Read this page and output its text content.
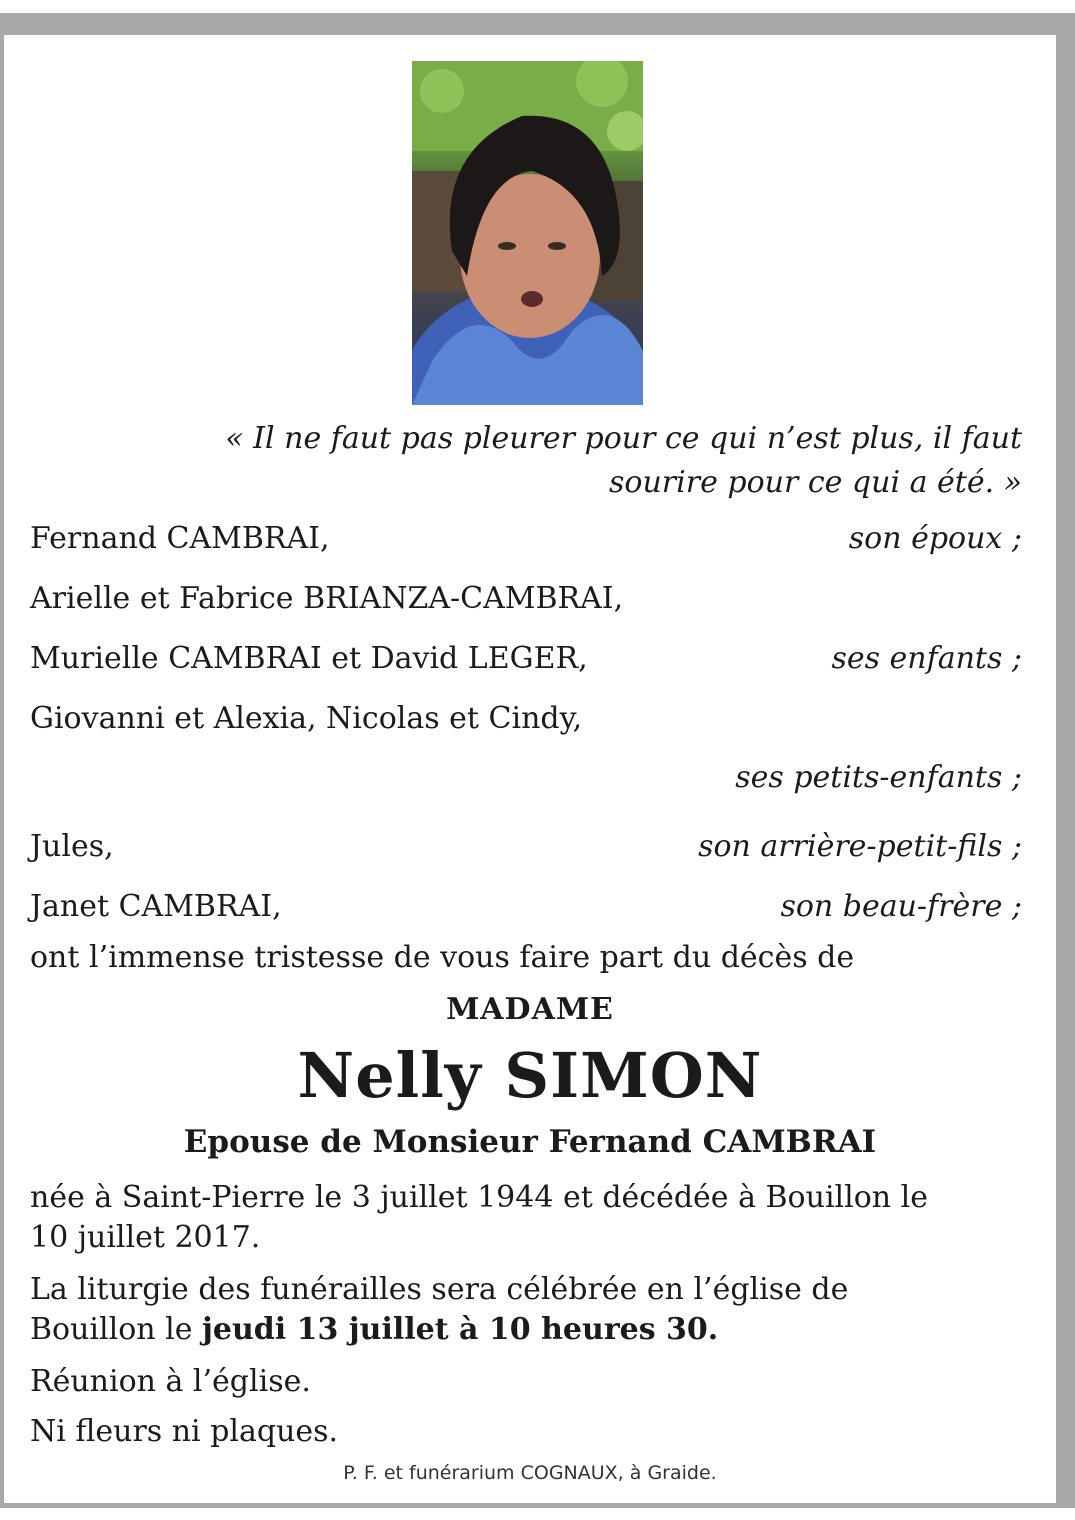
« Il ne faut pas pleurer pour ce qui n’est plus, il faut
sourire pour ce qui a été. »
Fernand CAMBRAI,	son époux ;
Arielle et Fabrice BRIANZA-CAMBRAI,
Murielle CAMBRAI et David LEGER,	ses enfants ;
Giovanni et Alexia, Nicolas et Cindy,
ses petits-enfants ;
Jules,	son arrière-petit-fils ;
Janet CAMBRAI,	son beau-frère ;
ont l’immense tristesse de vous faire part du décès de
MADAME
Nelly SIMON
Epouse de Monsieur Fernand CAMBRAI
née à Saint-Pierre le 3 juillet 1944 et décédée à Bouillon le
10 juillet 2017.
La liturgie des funérailles sera célébrée en l’église de
Bouillon le jeudi 13 juillet à 10 heures 30.
Réunion à l’église.
Ni fleurs ni plaques.
P. F. et funérarium COGNAUX, à Graide.
